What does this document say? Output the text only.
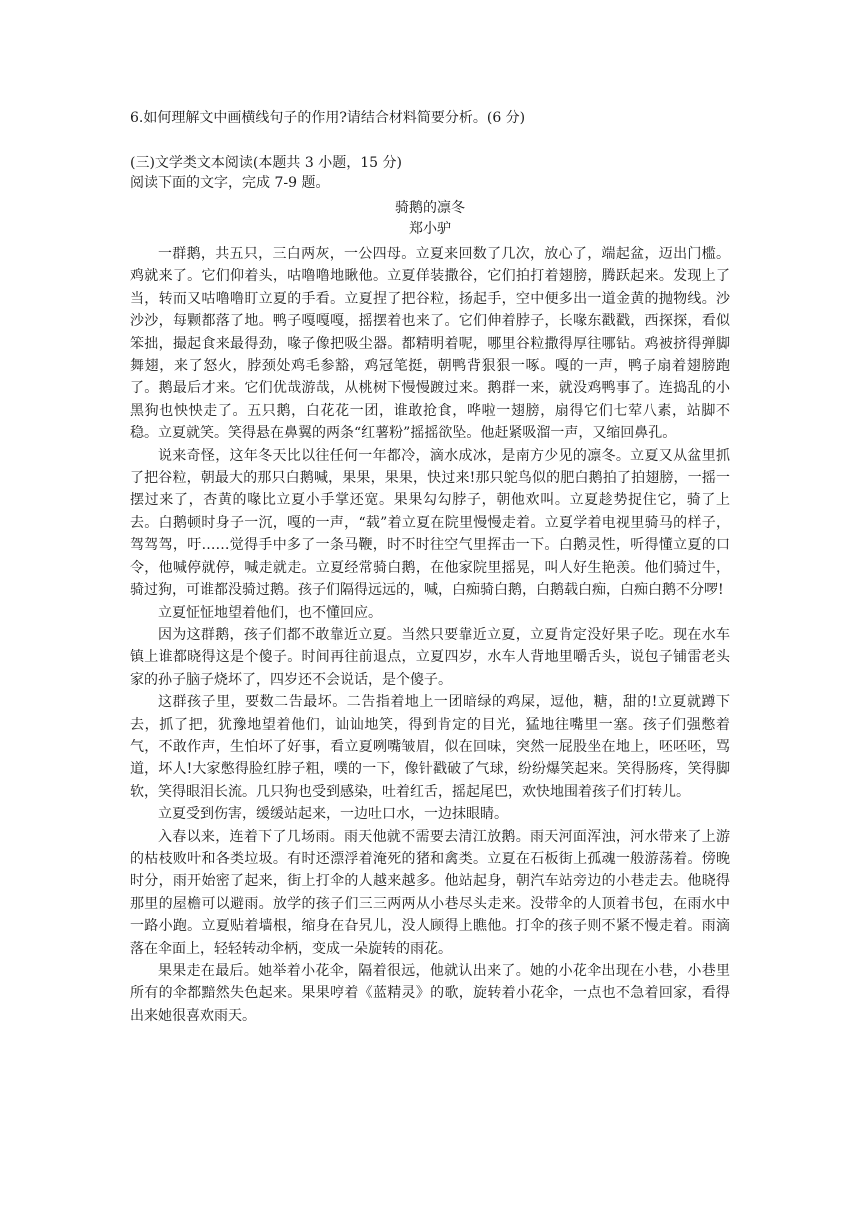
6.如何理解文中画横线句子的作用?请结合材料简要分析。(6 分)
(三)文学类文本阅读(本题共 3 小题，15 分)
阅读下面的文字，完成 7-9 题。
骑鹅的凛冬
郑小驴

一群鹅，共五只，三白两灰，一公四母。立夏来回数了几次，放心了，端起盆，迈出门槛。鸡就来了。它们仰着头，咕噜噜地瞅他。立夏佯装撒谷，它们拍打着翅膀，腾跃起来。发现上了当，转而又咕噜噜盯立夏的手看。立夏捏了把谷粒，扬起手，空中便多出一道金黄的抛物线。沙沙沙，每颗都落了地。鸭子嘎嘎嘎，摇摆着也来了。它们伸着脖子，长喙东戳戳，西探探，看似笨拙，撮起食来最得劲，喙子像把吸尘器。都精明着呢，哪里谷粒撒得厚往哪钻。鸡被挤得弹脚舞翅，来了怒火，脖颈处鸡毛参豁，鸡冠笔挺，朝鸭背狠狠一啄。嘎的一声，鸭子扇着翅膀跑了。鹅最后才来。它们优哉游哉，从桃树下慢慢踱过来。鹅群一来，就没鸡鸭事了。连捣乱的小黑狗也怏怏走了。五只鹅，白花花一团，谁敢抢食，哗啦一翅膀，扇得它们七荤八素，站脚不稳。立夏就笑。笑得悬在鼻翼的两条“红薯粉”摇摇欲坠。他赶紧吸溜一声，又缩回鼻孔。

说来奇怪，这年冬天比以往任何一年都冷，滴水成冰，是南方少见的凛冬。立夏又从盆里抓了把谷粒，朝最大的那只白鹅喊，果果，果果，快过来!那只鸵鸟似的肥白鹅拍了拍翅膀，一摇一摆过来了，杏黄的喙比立夏小手掌还宽。果果勾勾脖子，朝他欢叫。立夏趁势捉住它，骑了上去。白鹅顿时身子一沉，嘎的一声，“载”着立夏在院里慢慢走着。立夏学着电视里骑马的样子，驾驾驾，吁……觉得手中多了一条马鞭，时不时往空气里挥击一下。白鹅灵性，听得懂立夏的口令，他喊停就停，喊走就走。立夏经常骑白鹅，在他家院里摇晃，叫人好生艳羡。他们骑过牛，骑过狗，可谁都没骑过鹅。孩子们隔得远远的，喊，白痴骑白鹅，白鹅载白痴，白痴白鹅不分啰!

立夏怔怔地望着他们，也不懂回应。

因为这群鹅，孩子们都不敢靠近立夏。当然只要靠近立夏，立夏肯定没好果子吃。现在水车镇上谁都晓得这是个傻子。时间再往前退点，立夏四岁，水车人背地里嚼舌头，说包子铺雷老头家的孙子脑子烧坏了，四岁还不会说话，是个傻子。

这群孩子里，要数二告最坏。二告指着地上一团暗绿的鸡屎，逗他，糖，甜的!立夏就蹲下去，抓了把，犹豫地望着他们，讪讪地笑，得到肯定的目光，猛地往嘴里一塞。孩子们强憋着气，不敢作声，生怕坏了好事，看立夏咧嘴皱眉，似在回味，突然一屁股坐在地上，呸呸呸，骂道，坏人!大家憋得脸红脖子粗，噗的一下，像针戳破了气球，纷纷爆笑起来。笑得肠疼，笑得脚软，笑得眼泪长流。几只狗也受到感染，吐着红舌，摇起尾巴，欢快地围着孩子们打转儿。

立夏受到伤害，缓缓站起来，一边吐口水，一边抹眼睛。

入春以来，连着下了几场雨。雨天他就不需要去清江放鹅。雨天河面浑浊，河水带来了上游的枯枝败叶和各类垃圾。有时还漂浮着淹死的猪和禽类。立夏在石板街上孤魂一般游荡着。傍晚时分，雨开始密了起来，街上打伞的人越来越多。他站起身，朝汽车站旁边的小巷走去。他晓得那里的屋檐可以避雨。放学的孩子们三三两两从小巷尽头走来。没带伞的人顶着书包，在雨水中一路小跑。立夏贴着墙根，缩身在旮旯儿，没人顾得上瞧他。打伞的孩子则不紧不慢走着。雨滴落在伞面上，轻轻转动伞柄，变成一朵旋转的雨花。

果果走在最后。她举着小花伞，隔着很远，他就认出来了。她的小花伞出现在小巷，小巷里所有的伞都黯然失色起来。果果哼着《蓝精灵》的歌，旋转着小花伞，一点也不急着回家，看得出来她很喜欢雨天。
